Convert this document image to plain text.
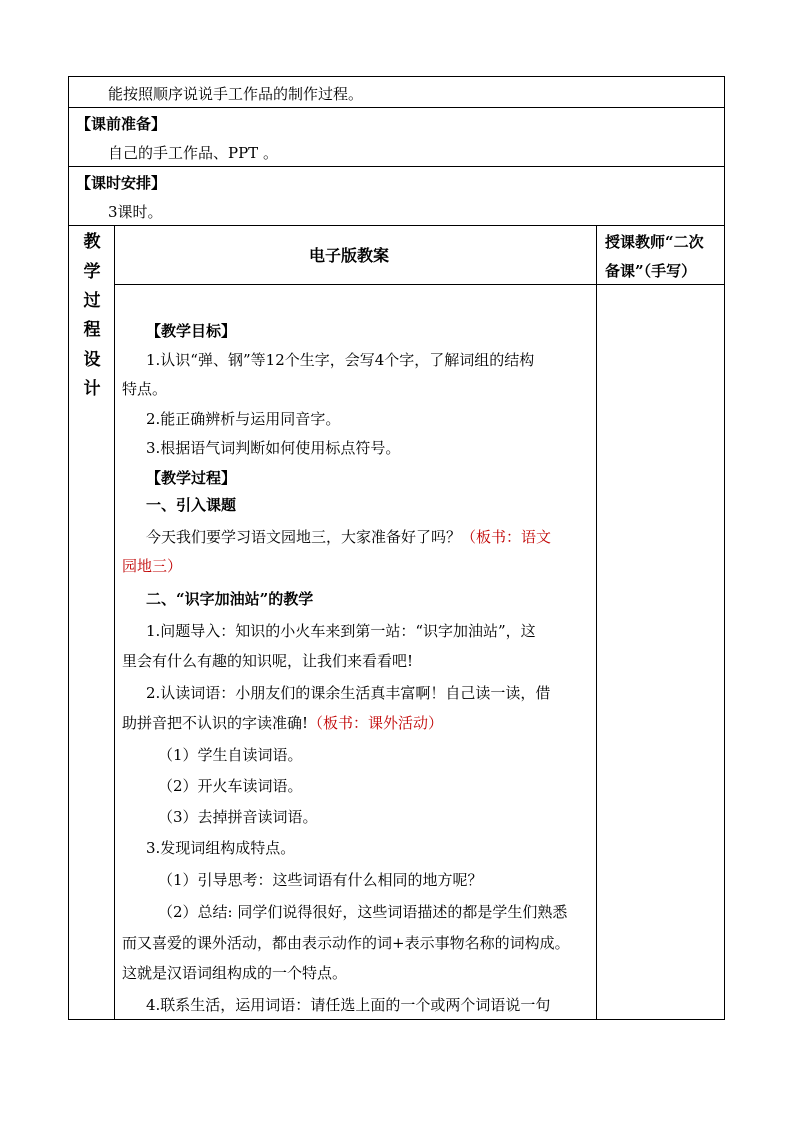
能按照顺序说说手工作品的制作过程。
【课前准备】
自己的手工作品、PPT 。
【课时安排】
3课时。
教
学
过
程
设
计
电子版教案
授课教师“二次
备课”（手写）
【教学目标】
1.认识“弹、钢”等12个生字，会写4个字，了解词组的结构
特点。
2.能正确辨析与运用同音字。
3.根据语气词判断如何使用标点符号。
【教学过程】
一、引入课题
今天我们要学习语文园地三，大家准备好了吗？（板书：语文
园地三）
二、“识字加油站”的教学
1.问题导入：知识的小火车来到第一站：“识字加油站”，这
里会有什么有趣的知识呢，让我们来看看吧!
2.认读词语：小朋友们的课余生活真丰富啊！自己读一读，借
助拼音把不认识的字读准确!（板书：课外活动）
（1）学生自读词语。
（2）开火车读词语。
（3）去掉拼音读词语。
3.发现词组构成特点。
（1）引导思考：这些词语有什么相同的地方呢？
（2）总结: 同学们说得很好，这些词语描述的都是学生们熟悉
而又喜爱的课外活动，都由表示动作的词+表示事物名称的词构成。
这就是汉语词组构成的一个特点。
4.联系生活，运用词语：请任选上面的一个或两个词语说一句
